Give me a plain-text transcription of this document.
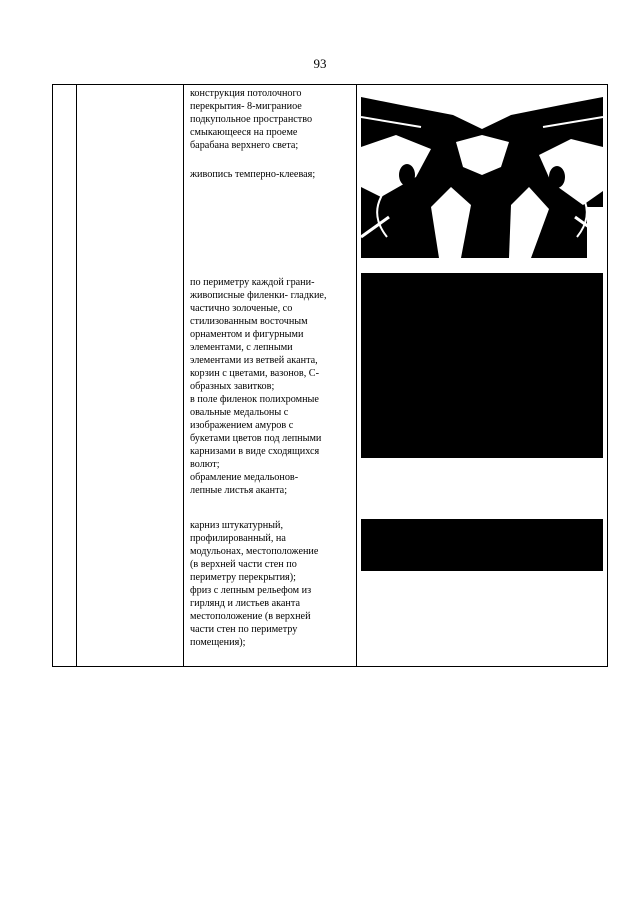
93
конструкция потолочного
перекрытия- 8-миграниое
подкупольное пространство
смыкающееся на проеме
барабана верхнего света;
живопись темперно-клеевая;
по периметру каждой грани-
живописные филенки- гладкие,
частично золоченые, со
стилизованным восточным
орнаментом и фигурными
элементами, с лепными
элементами из ветвей аканта,
корзин с цветами, вазонов, С-
образных завитков;
в поле филенок полихромные
овальные медальоны с
изображением амуров с
букетами цветов под лепными
карнизами в виде сходящихся
волют;
обрамление медальонов-
лепные листья аканта;
карниз штукатурный,
профилированный, на
модульонах, местоположение
(в верхней части стен по
периметру перекрытия);
фриз с лепным рельефом из
гирлянд и листьев аканта
местоположение (в верхней
части стен по периметру
помещения);
